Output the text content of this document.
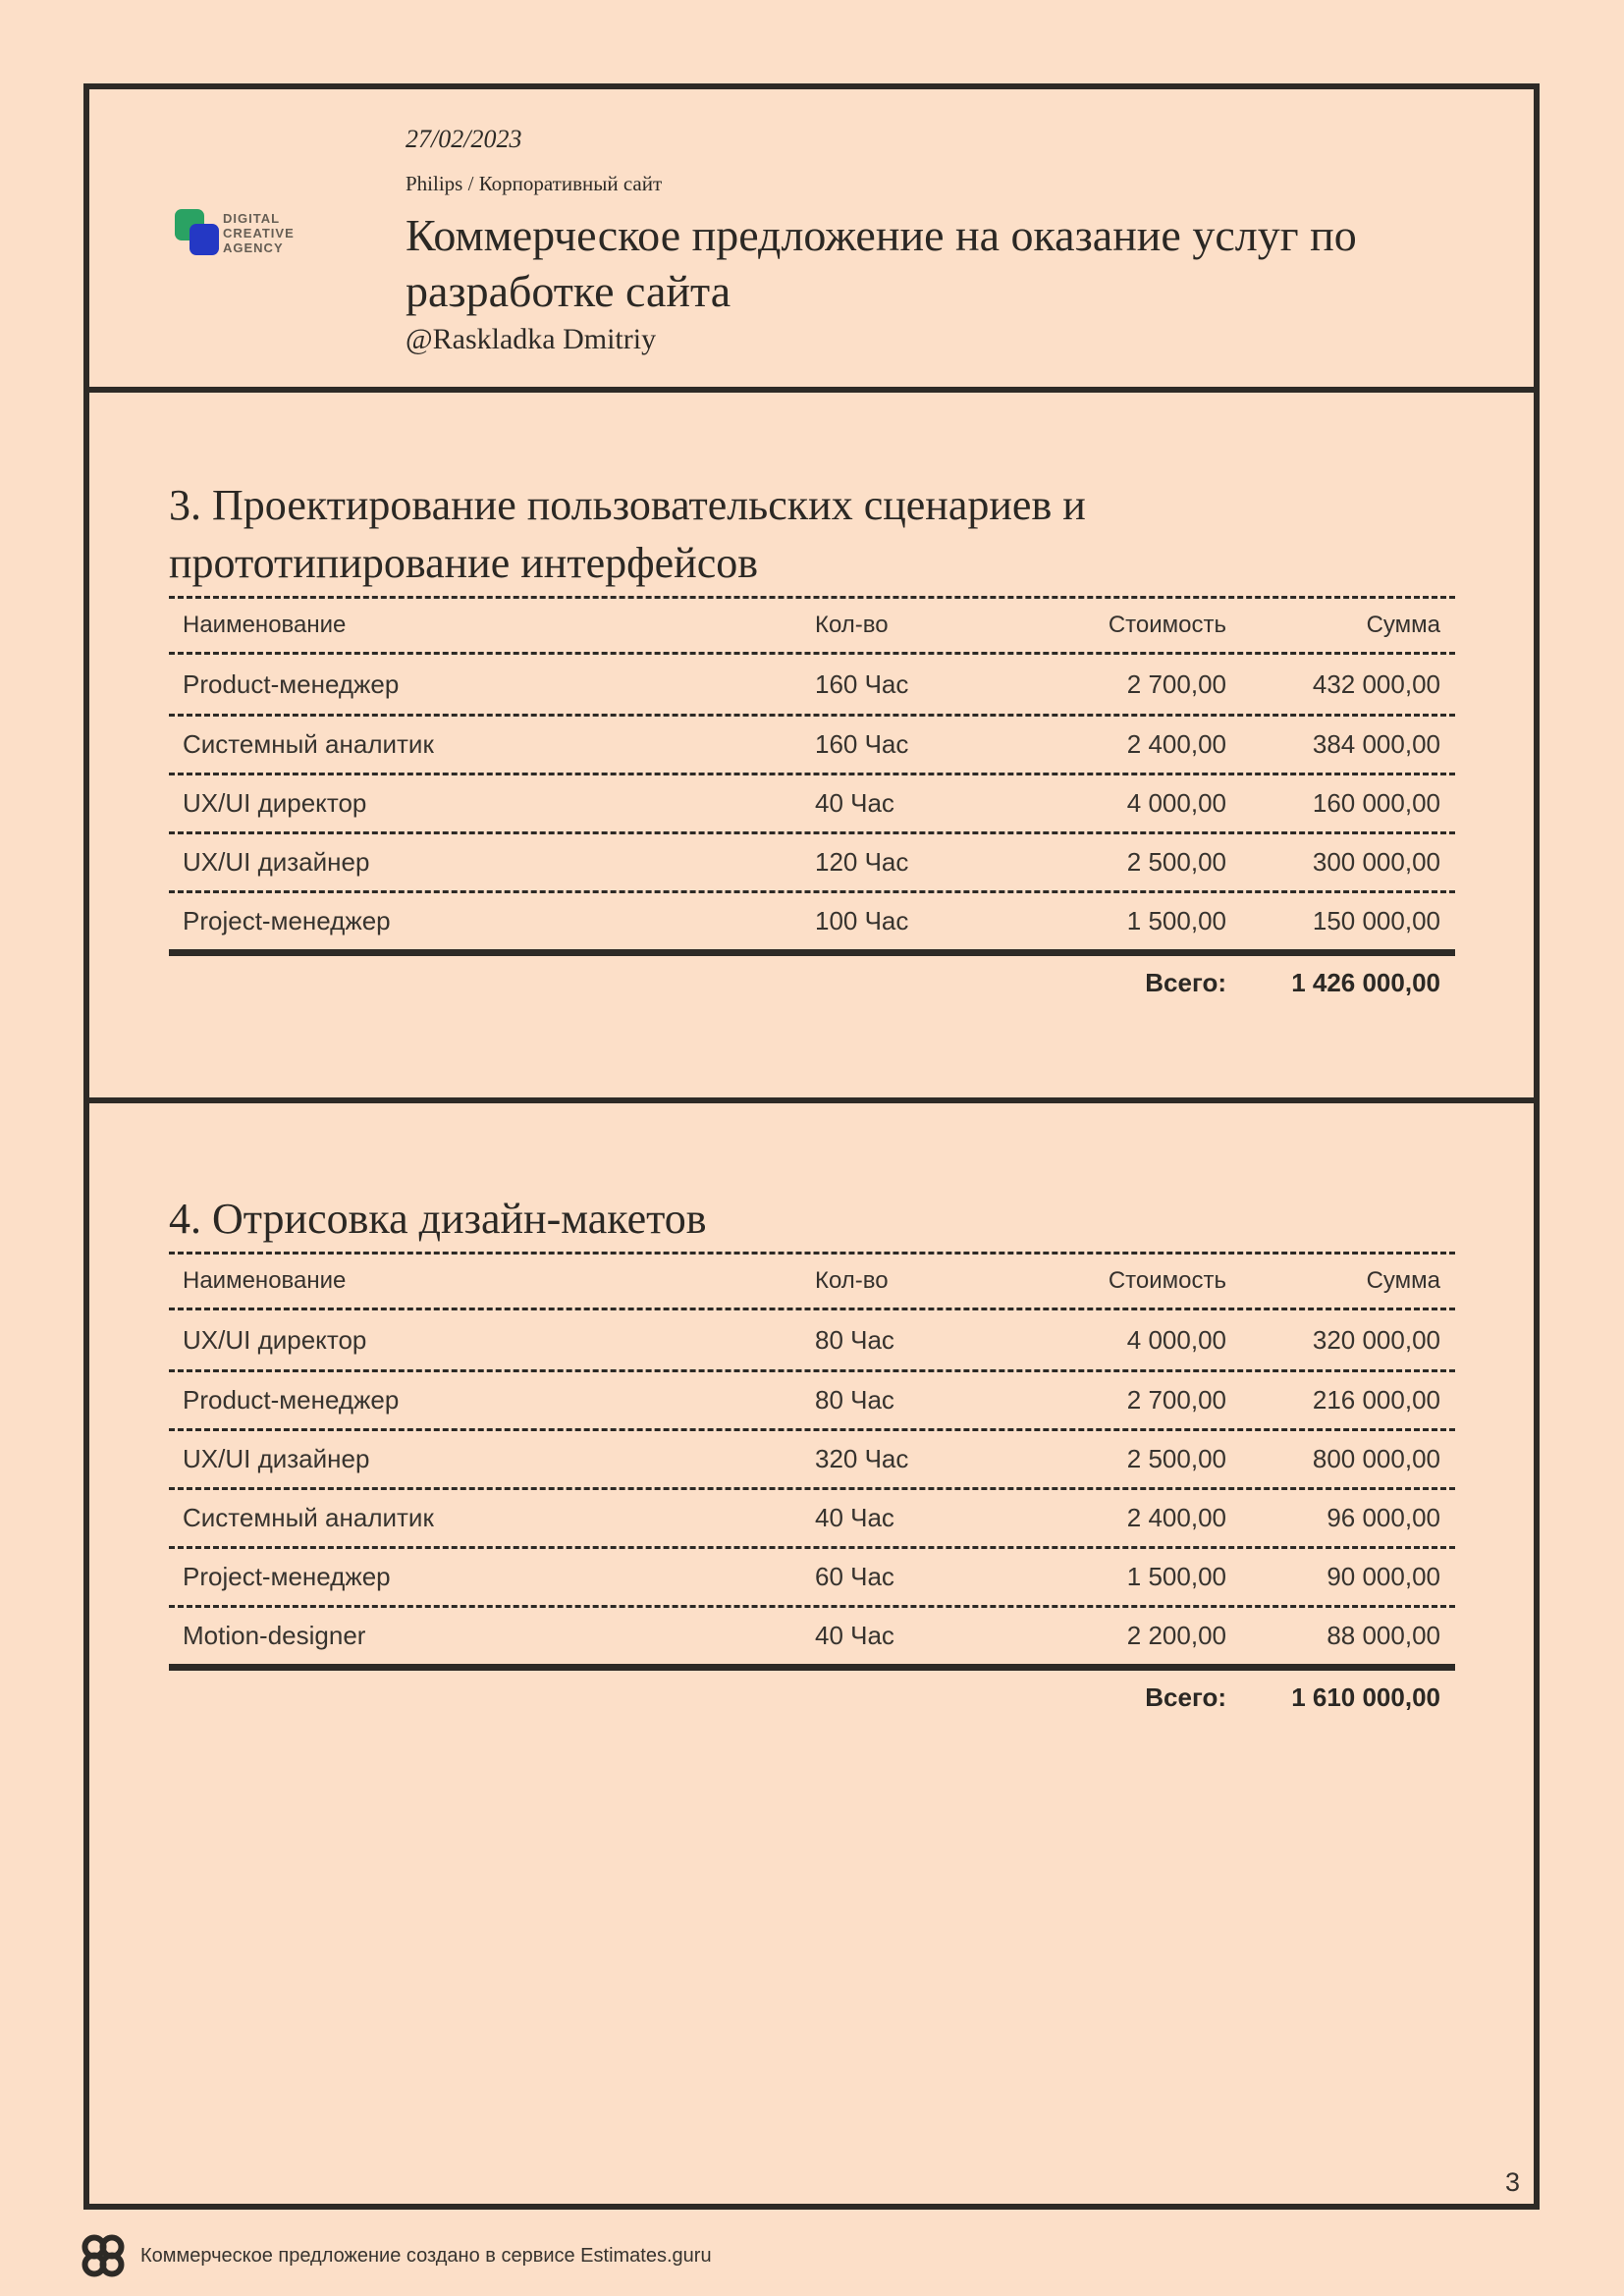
DIGITAL
CREATIVE
AGENCY
27/02/2023
Philips / Корпоративный сайт
Коммерческое предложение на оказание услуг по разработке сайта
@Raskladka Dmitriy
3. Проектирование пользовательских сценариев и прототипирование интерфейсов
Наименование	Кол-во	Стоимость	Сумма
Product-менеджер	160 Час	2 700,00	432 000,00
Системный аналитик	160 Час	2 400,00	384 000,00
UX/UI директор	40 Час	4 000,00	160 000,00
UX/UI дизайнер	120 Час	2 500,00	300 000,00
Project-менеджер	100 Час	1 500,00	150 000,00
Всего:	1 426 000,00
4. Отрисовка дизайн-макетов
Наименование	Кол-во	Стоимость	Сумма
UX/UI директор	80 Час	4 000,00	320 000,00
Product-менеджер	80 Час	2 700,00	216 000,00
UX/UI дизайнер	320 Час	2 500,00	800 000,00
Системный аналитик	40 Час	2 400,00	96 000,00
Project-менеджер	60 Час	1 500,00	90 000,00
Motion-designer	40 Час	2 200,00	88 000,00
Всего:	1 610 000,00
3
Коммерческое предложение создано в сервисе Estimates.guru
